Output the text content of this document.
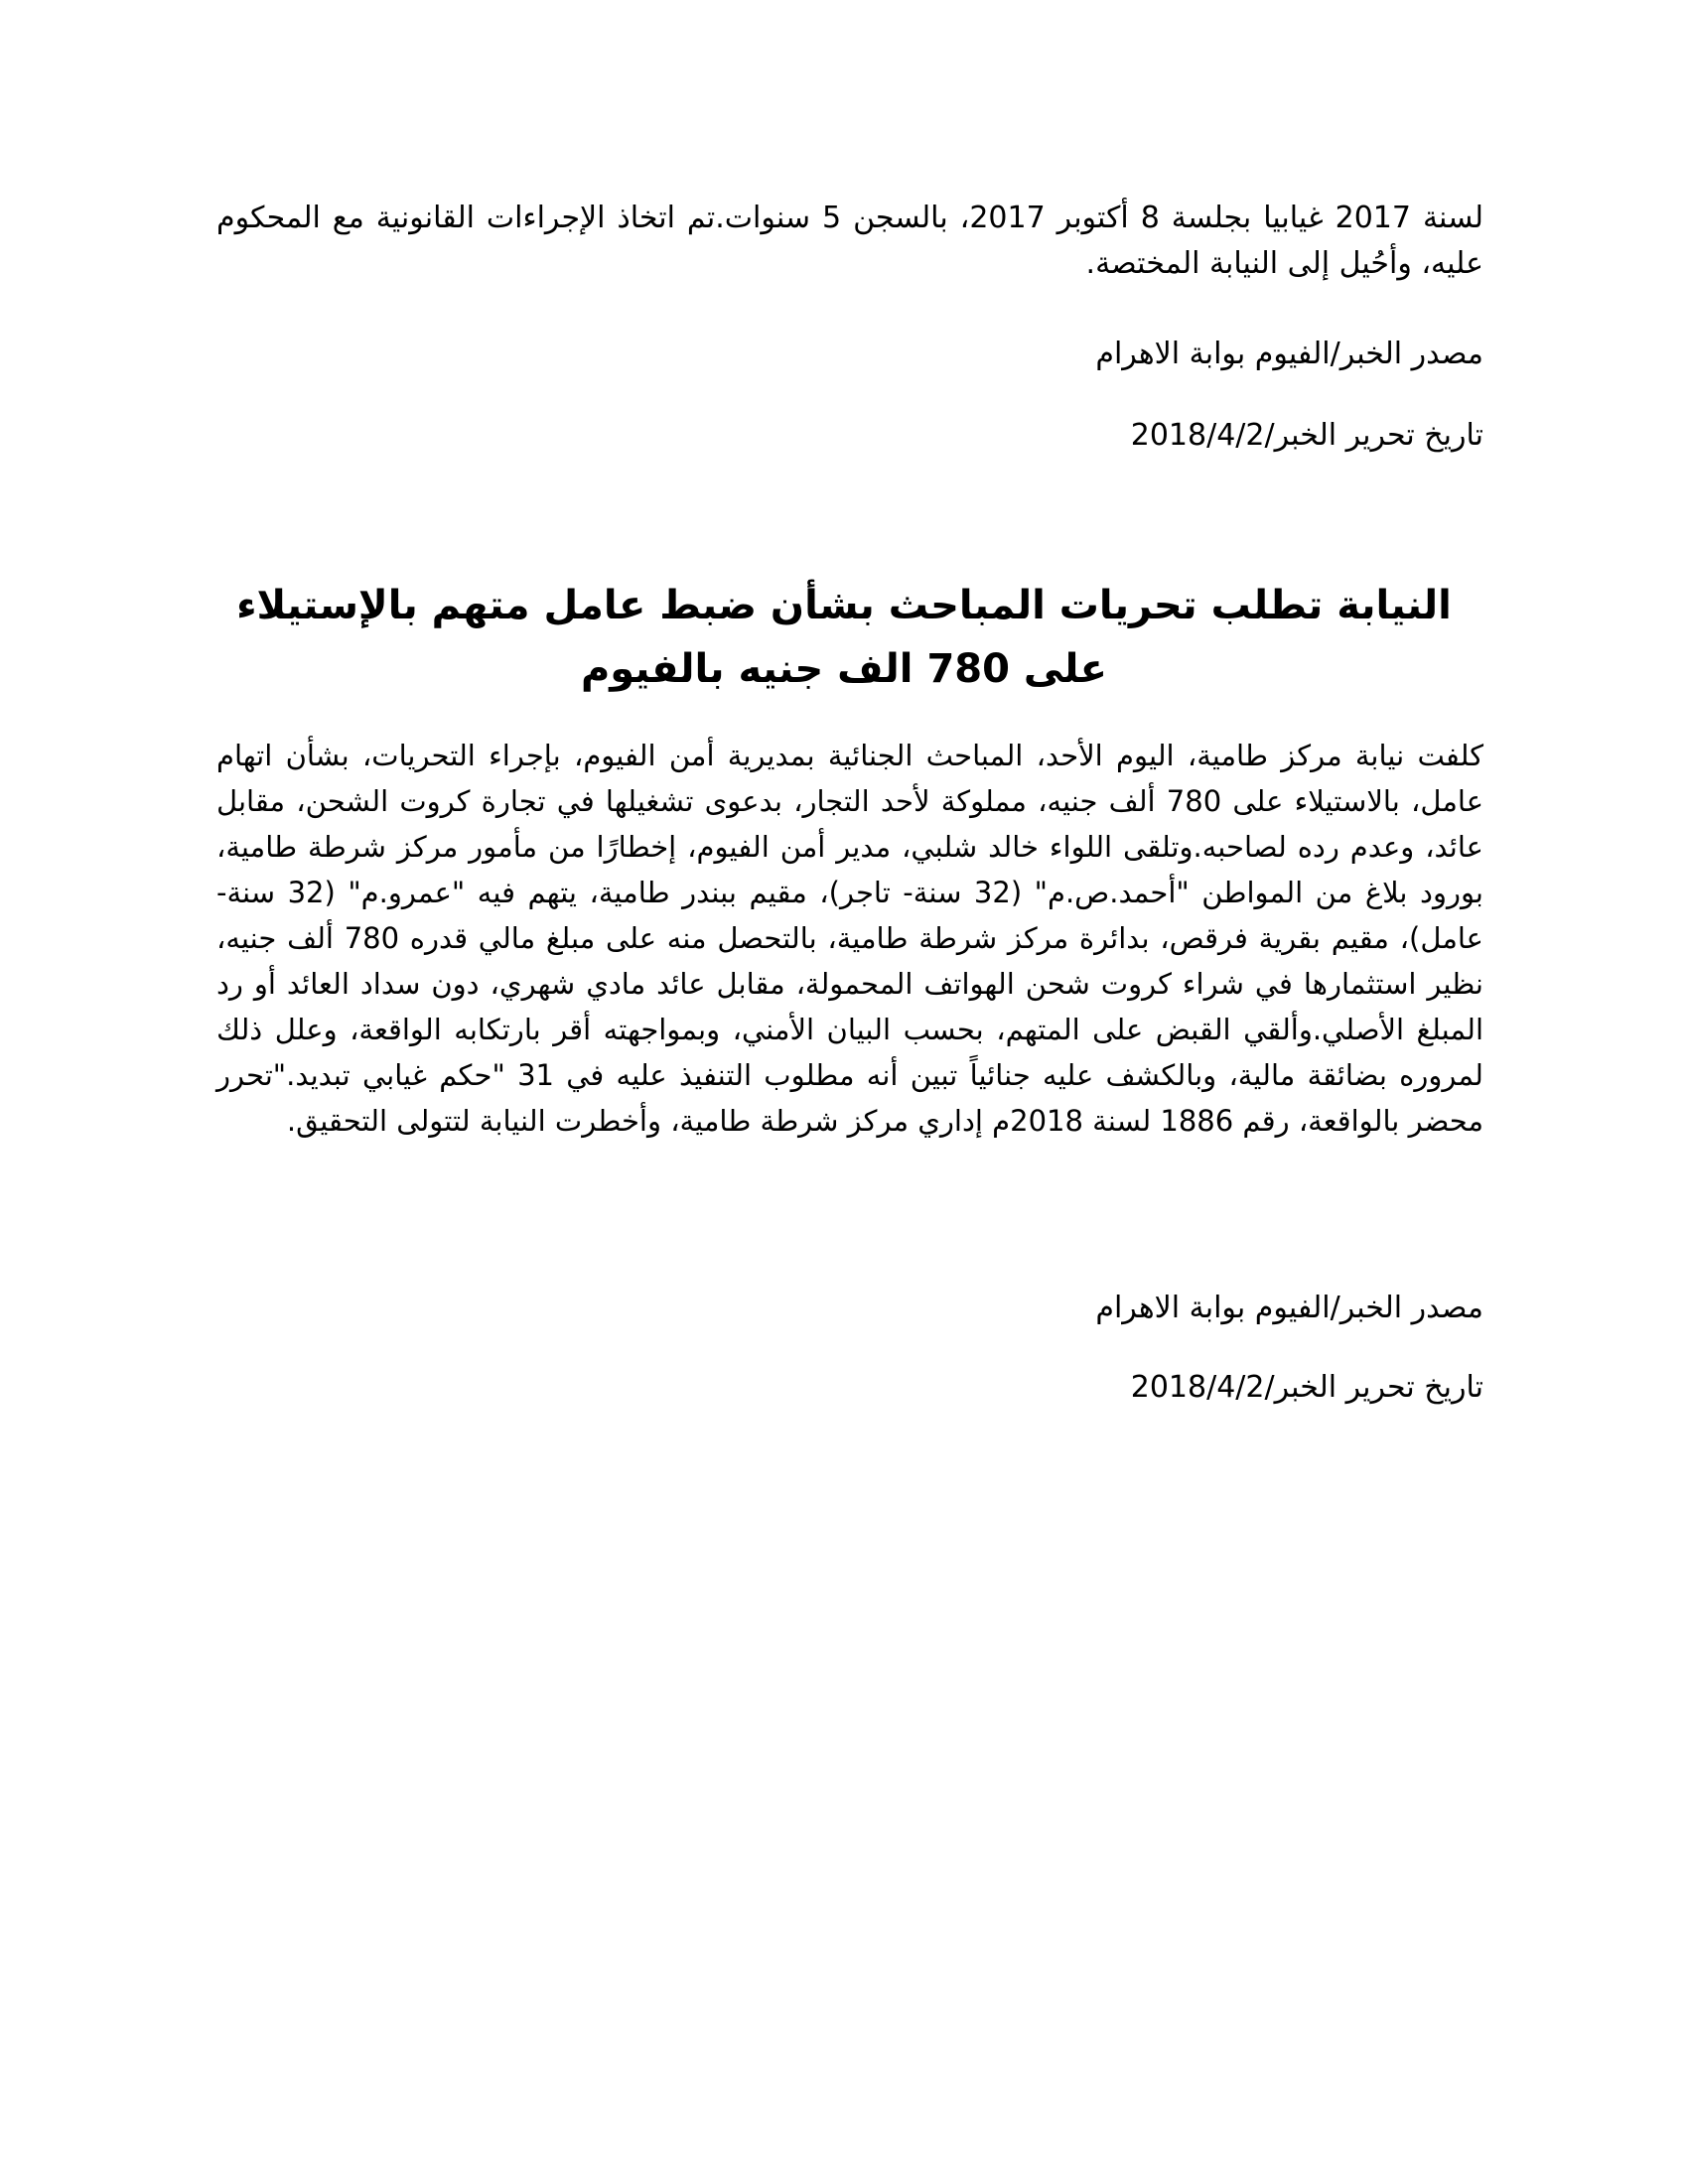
لسنة 2017 غيابيا بجلسة 8 أكتوبر 2017، بالسجن 5 سنوات.تم اتخاذ الإجراءات القانونية مع المحكوم عليه، وأحُيل إلى النيابة المختصة.

مصدر الخبر/الفيوم بوابة الاهرام

تاريخ تحرير الخبر/2018/4/2

النيابة تطلب تحريات المباحث بشأن ضبط عامل متهم بالإستيلاء على 780 الف جنيه بالفيوم

كلفت نيابة مركز طامية، اليوم الأحد، المباحث الجنائية بمديرية أمن الفيوم، بإجراء التحريات، بشأن اتهام عامل، بالاستيلاء على 780 ألف جنيه، مملوكة لأحد التجار، بدعوى تشغيلها في تجارة كروت الشحن، مقابل عائد، وعدم رده لصاحبه.وتلقى اللواء خالد شلبي، مدير أمن الفيوم، إخطارًا من مأمور مركز شرطة طامية، بورود بلاغ من المواطن "أحمد.ص.م" (32 سنة- تاجر)، مقيم ببندر طامية، يتهم فيه "عمرو.م" (32 سنة-عامل)، مقيم بقرية فرقص، بدائرة مركز شرطة طامية، بالتحصل منه على مبلغ مالي قدره 780 ألف جنيه، نظير استثمارها في شراء كروت شحن الهواتف المحمولة، مقابل عائد مادي شهري، دون سداد العائد أو رد المبلغ الأصلي.وألقي القبض على المتهم، بحسب البيان الأمني، وبمواجهته أقر بارتكابه الواقعة، وعلل ذلك لمروره بضائقة مالية، وبالكشف عليه جنائياً تبين أنه مطلوب التنفيذ عليه في 31 "حكم غيابي تبديد."تحرر محضر بالواقعة، رقم 1886 لسنة 2018م إداري مركز شرطة طامية، وأخطرت النيابة لتتولى التحقيق.

مصدر الخبر/الفيوم بوابة الاهرام

تاريخ تحرير الخبر/2018/4/2
